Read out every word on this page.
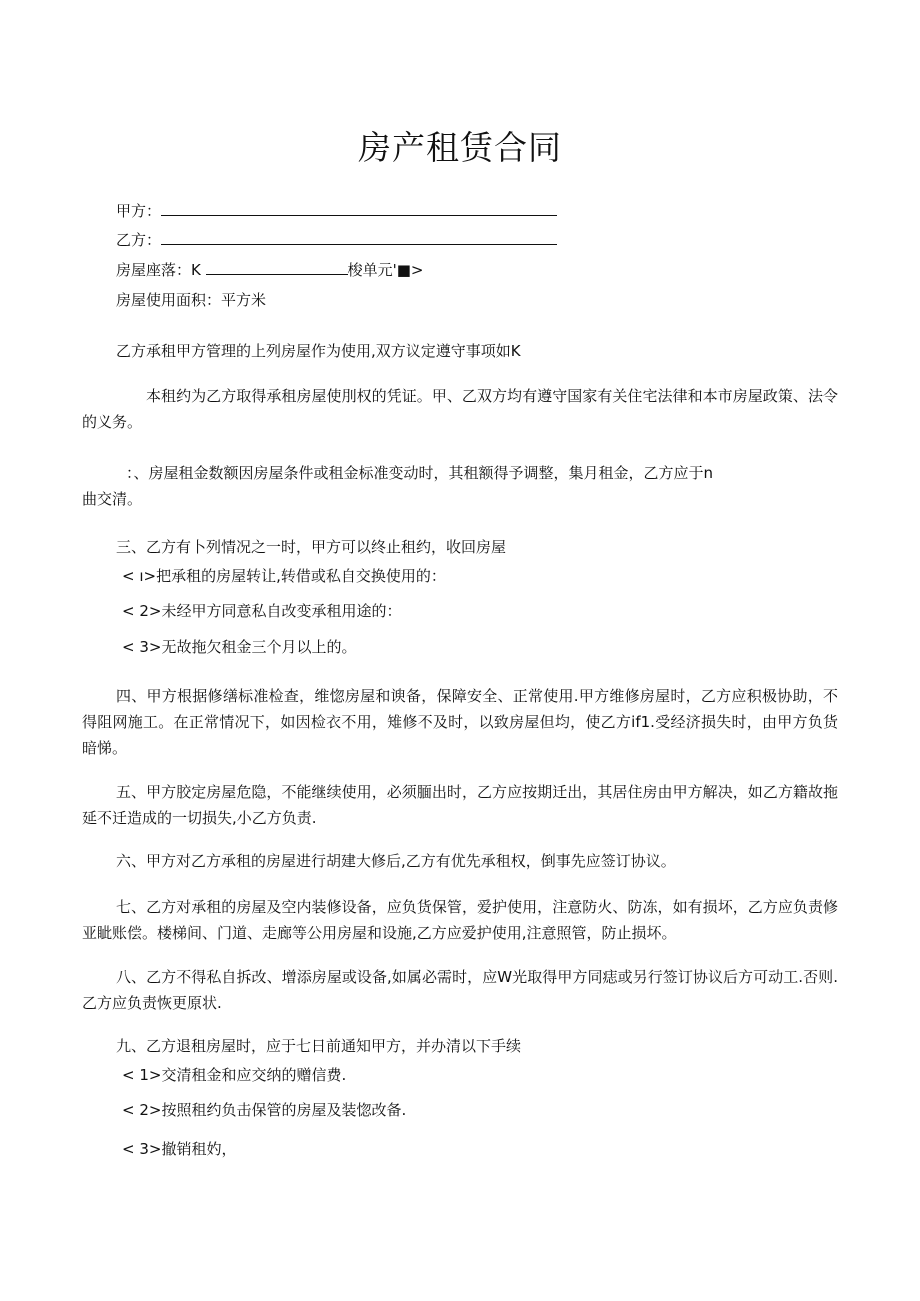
房产租赁合同
甲方：
乙方：
房屋座落：K	梭单元'■>
房屋使用面积：平方米
乙方承租甲方管理的上列房屋作为使用,双方议定遵守事项如K
本租约为乙方取得承租房屋使刖权的凭证。甲、乙双方均有遵守国家有关住宅法律和本市房屋政策、法令的义务。
：、房屋租金数额因房屋条件或租金标准变动时，其租额得予调整，集月租金，乙方应于n
曲交清。
三、乙方有卜列情况之一时，甲方可以终止租约，收回房屋
< ı>把承租的房屋转让,转借或私自交换使用的：
< 2>未经甲方同意私自改变承租用途的：
< 3>无故拖欠租金三个月以上的。
四、甲方根据修缮标准检查，维惚房屋和谀备，保障安全、正常使用.甲方维修房屋时，乙方应积极协助，不得阻网施工。在正常情况下，如因检衣不用，雉修不及时，以致房屋但均，使乙方if1.受经济损失时，由甲方负货暗悌。
五、甲方胶定房屋危隐，不能继续使用，必须腼出时，乙方应按期迁出，其居住房由甲方解决，如乙方籍故拖延不迁造成的一切损失,小乙方负责.
六、甲方对乙方承租的房屋进行胡建大修后,乙方有优先承租权，倒事先应签订协议。
七、乙方对承租的房屋及空内装修设备，应负货保管，爱护使用，注意防火、防冻，如有损坏，乙方应负责修亚眦账偿。楼梯间、门道、走廊等公用房屋和设施,乙方应爱护使用,注意照管，防止损坏。
八、乙方不得私自拆改、增添房屋或设备,如属必需时，应W光取得甲方同痣或另行签订协议后方可动工.否则.乙方应负责恢更原状.
九、乙方退租房屋时，应于七日前通知甲方，并办清以下手续
< 1>交清租金和应交纳的赠信费.
< 2>按照租约负击保管的房屋及装惚改备.
< 3>撤销租妁，
